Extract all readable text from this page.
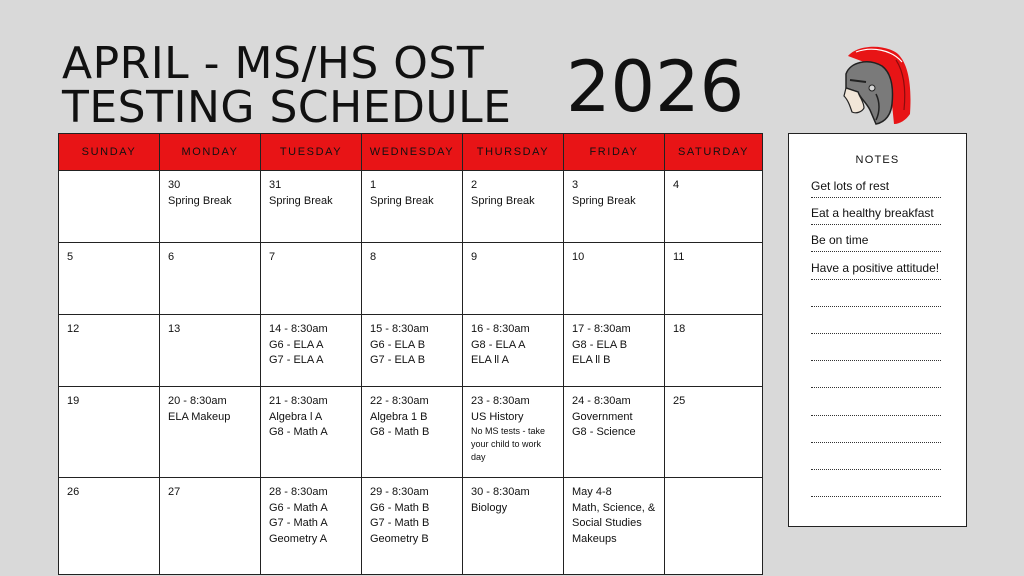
APRIL - MS/HS OST
TESTING SCHEDULE 2026
SUNDAY	MONDAY	TUESDAY	WEDNESDAY	THURSDAY	FRIDAY	SATURDAY

	30
Spring Break	31
Spring Break	1
Spring Break	2
Spring Break	3
Spring Break	4

5	6	7	8	9	10	11

12	13	14 - 8:30am
G6 - ELA A
G7 - ELA A	15 - 8:30am
G6 - ELA B
G7 - ELA B	16 - 8:30am
G8 - ELA A
ELA ll A	17 - 8:30am
G8 - ELA B
ELA ll B	18

19	20 - 8:30am
ELA Makeup	21 - 8:30am
Algebra l A
G8 - Math A	22 - 8:30am
Algebra 1 B
G8 - Math B	23 - 8:30am
US History
No MS tests - take your child to work day	24 - 8:30am
Government
G8 - Science	25

26	27	28 - 8:30am
G6 - Math A
G7 - Math A
Geometry A	29 - 8:30am
G6 - Math B
G7 - Math B
Geometry B	30 - 8:30am
Biology	May 4-8
Math, Science, &
Social Studies
Makeups	

NOTES
Get lots of rest
Eat a healthy breakfast
Be on time
Have a positive attitude!
